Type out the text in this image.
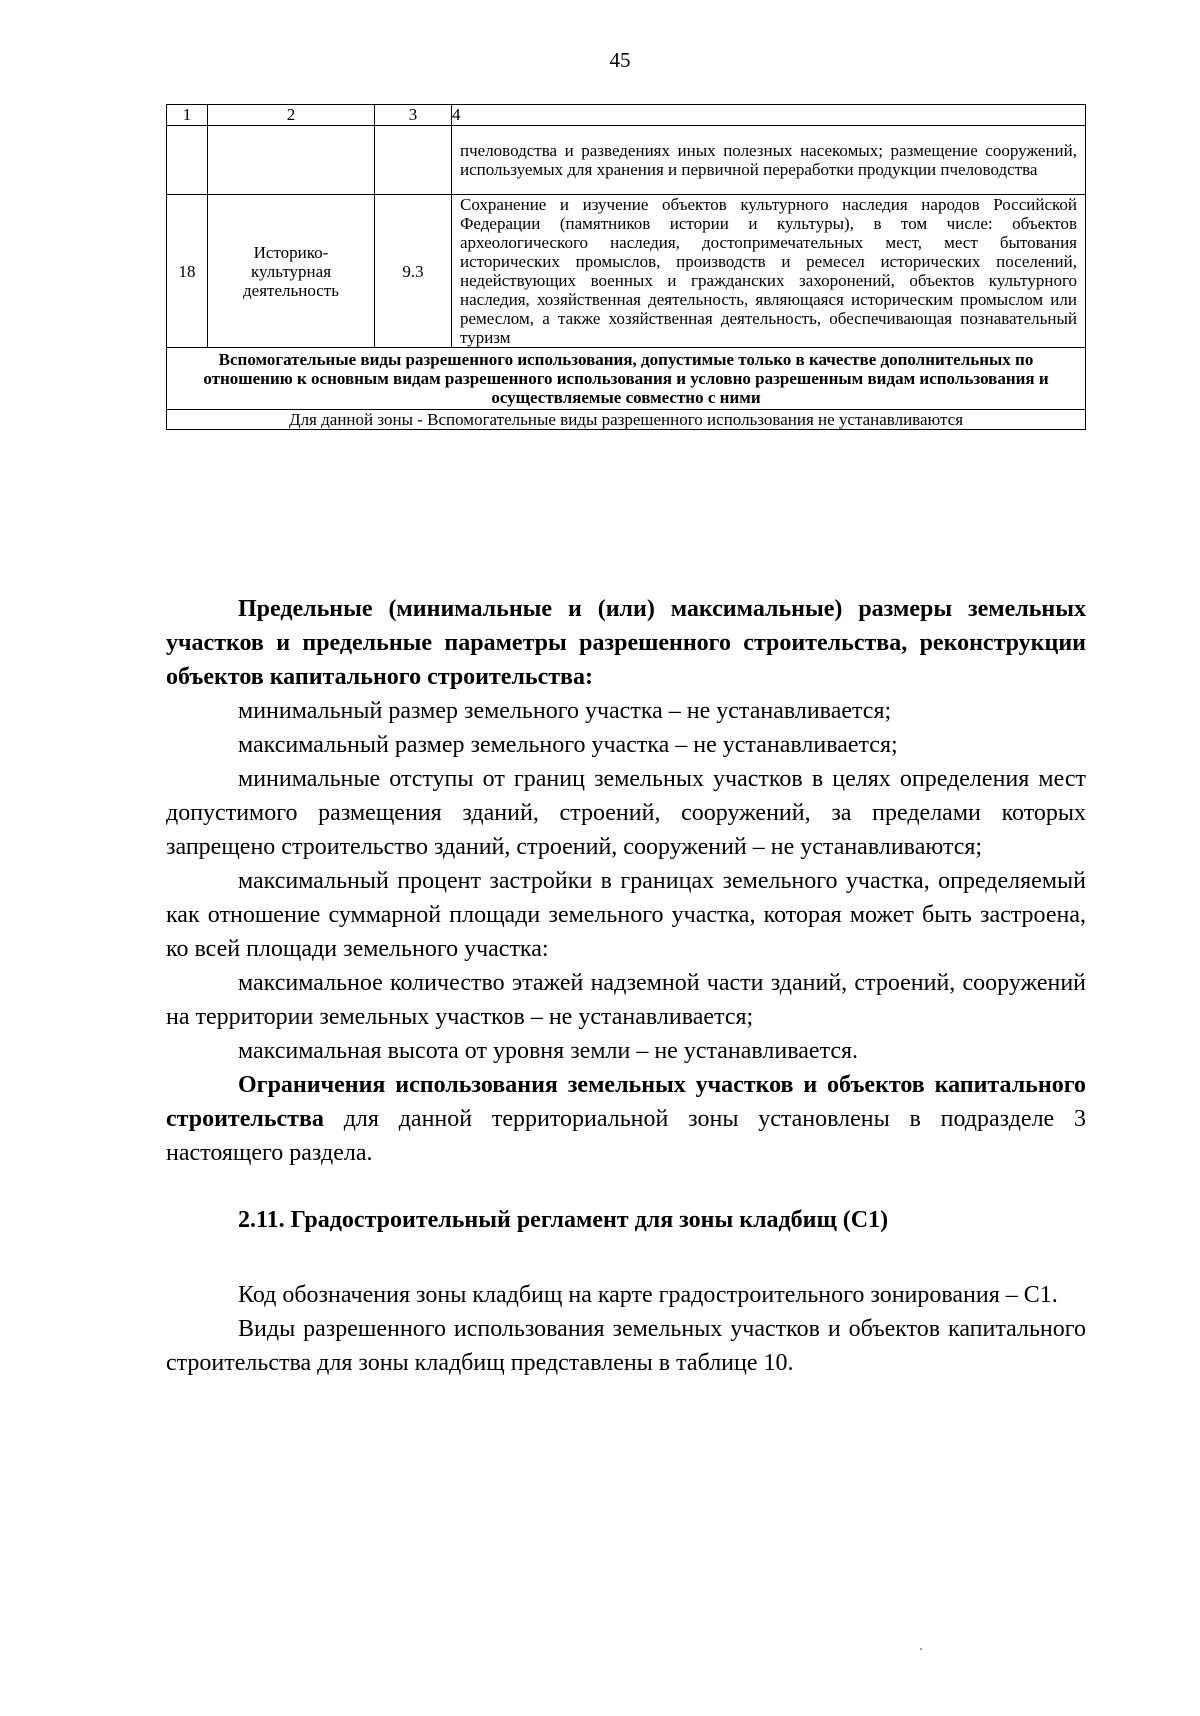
45
1	2	3	4
			пчеловодства и разведениях иных полезных насекомых; размещение сооружений, используемых для хранения и первичной переработки продукции пчеловодства
18	Историко-культурная деятельность	9.3	Сохранение и изучение объектов культурного наследия народов Российской Федерации (памятников истории и культуры), в том числе: объектов археологического наследия, достопримечательных мест, мест бытования исторических промыслов, производств и ремесел исторических поселений, недействующих военных и гражданских захоронений, объектов культурного наследия, хозяйственная деятельность, являющаяся историческим промыслом или ремеслом, а также хозяйственная деятельность, обеспечивающая познавательный туризм
Вспомогательные виды разрешенного использования, допустимые только в качестве дополнительных по отношению к основным видам разрешенного использования и условно разрешенным видам использования и осуществляемые совместно с ними			
Для данной зоны - Вспомогательные виды разрешенного использования не устанавливаются			

Предельные (минимальные и (или) максимальные) размеры земельных участков и предельные параметры разрешенного строительства, реконструкции объектов капитального строительства:

минимальный размер земельного участка – не устанавливается;

максимальный размер земельного участка – не устанавливается;

минимальные отступы от границ земельных участков в целях определения мест допустимого размещения зданий, строений, сооружений, за пределами которых запрещено строительство зданий, строений, сооружений – не устанавливаются;

максимальный процент застройки в границах земельного участка, определяемый как отношение суммарной площади земельного участка, которая может быть застроена, ко всей площади земельного участка:

максимальное количество этажей надземной части зданий, строений, сооружений на территории земельных участков – не устанавливается;

максимальная высота от уровня земли – не устанавливается.

Ограничения использования земельных участков и объектов капитального строительства для данной территориальной зоны установлены в подразделе 3 настоящего раздела.

2.11. Градостроительный регламент для зоны кладбищ (С1)

Код обозначения зоны кладбищ на карте градостроительного зонирования – С1.

Виды разрешенного использования земельных участков и объектов капитального строительства для зоны кладбищ представлены в таблице 10.
